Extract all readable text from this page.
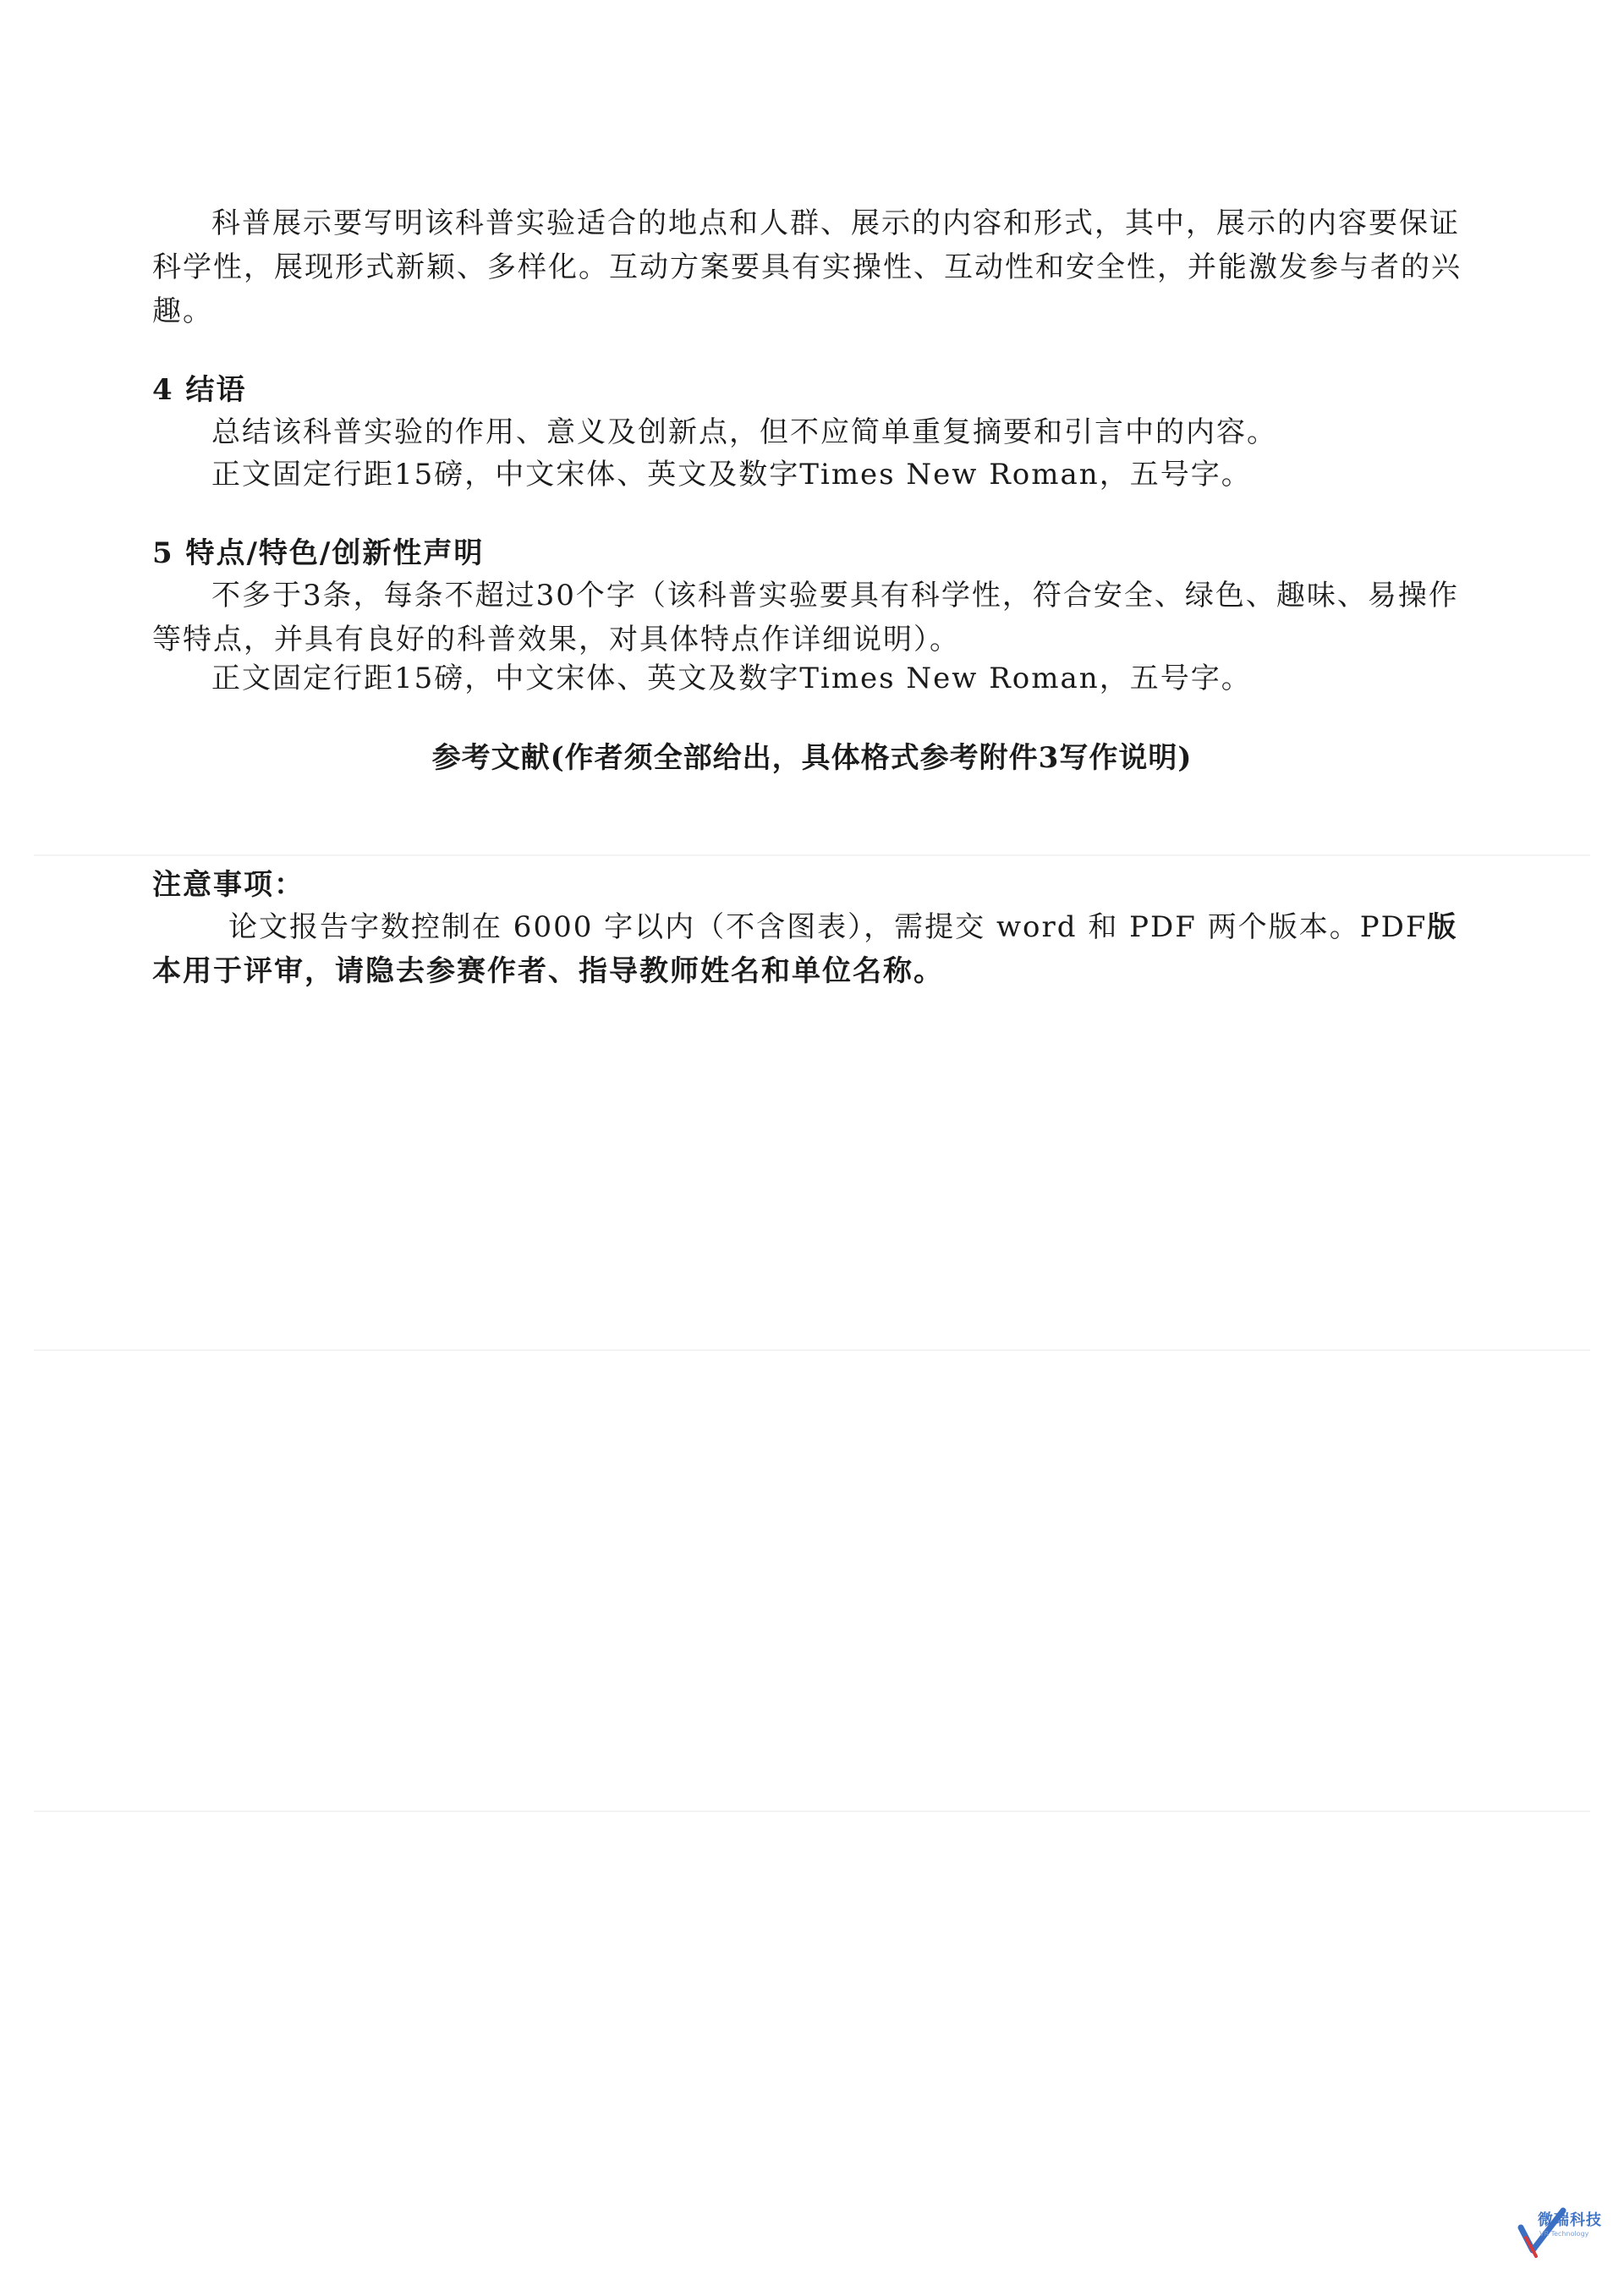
科普展示要写明该科普实验适合的地点和人群、展示的内容和形式，其中，展示的内容要保证科学性，展现形式新颖、多样化。互动方案要具有实操性、互动性和安全性，并能激发参与者的兴趣。

4 结语

总结该科普实验的作用、意义及创新点，但不应简单重复摘要和引言中的内容。

正文固定行距15磅，中文宋体、英文及数字Times New Roman，五号字。

5 特点/特色/创新性声明

不多于3条，每条不超过30个字（该科普实验要具有科学性，符合安全、绿色、趣味、易操作等特点，并具有良好的科普效果，对具体特点作详细说明）。

正文固定行距15磅，中文宋体、英文及数字Times New Roman，五号字。

参考文献(作者须全部给出，具体格式参考附件3写作说明)

注意事项：

论文报告字数控制在 6000 字以内（不含图表），需提交 word 和 PDF 两个版本。PDF版本用于评审，请隐去参赛作者、指导教师姓名和单位名称。

微瑞科技
VR Technology
